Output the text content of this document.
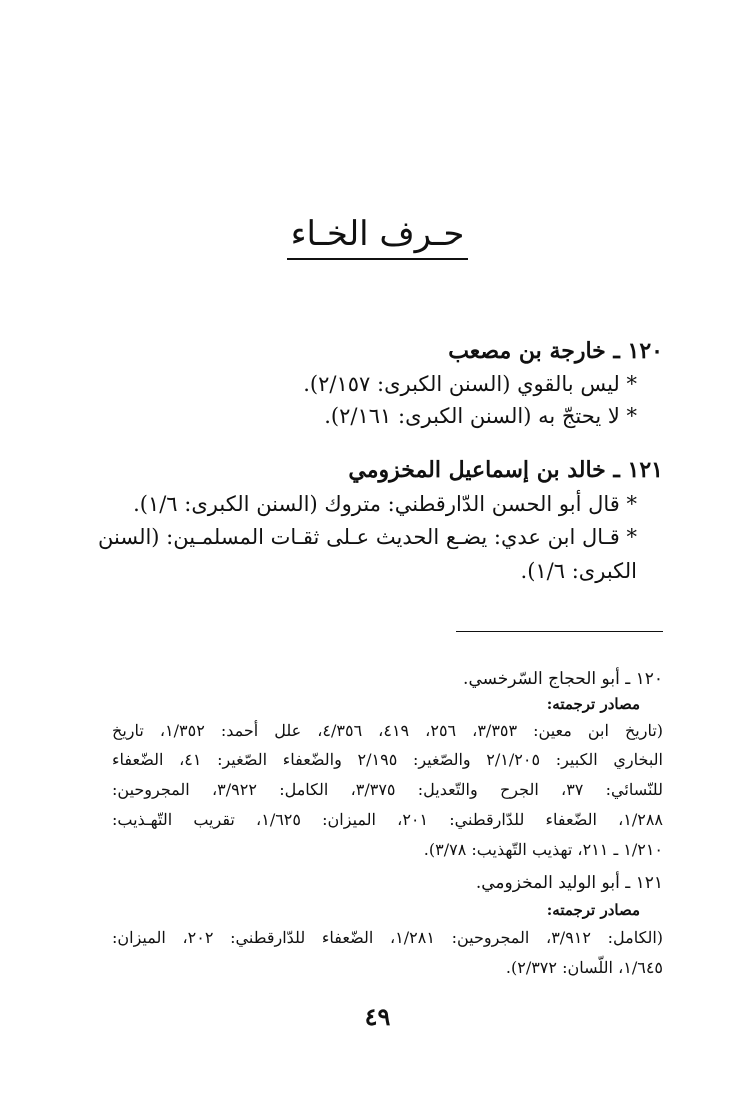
حـرف الخـاء
١٢٠ ـ خارجة بن مصعب
* ليس بالقوي (السنن الكبرى: ٢/١٥٧).
* لا يحتجّ به (السنن الكبرى: ٢/١٦١).
١٢١ ـ خالد بن إسماعيل المخزومي
* قال أبو الحسن الدّارقطني: متروك (السنن الكبرى: ١/٦).
* قـال ابن عدي: يضـع الحديث عـلى ثقـات المسلمـين: (السنن
الكبرى: ١/٦).
١٢٠ ـ أبو الحجاج السّرخسي.
مصادر ترجمته:
(تاريخ ابن معين: ٣/٣٥٣، ٢٥٦، ٤١٩، ٤/٣٥٦، علل أحمد: ١/٣٥٢، تاريخ
البخاري الكبير: ٢/١/٢٠٥ والصّغير: ٢/١٩٥ والضّعفاء الصّغير: ٤١، الضّعفاء
للنّسائي: ٣٧، الجرح والتّعديل: ٣/٣٧٥، الكامل: ٣/٩٢٢، المجروحين:
١/٢٨٨، الضّعفاء للدّارقطني: ٢٠١، الميزان: ١/٦٢٥، تقريب التّهـذيب:
١/٢١٠ ـ ٢١١، تهذيب التّهذيب: ٣/٧٨).
١٢١ ـ أبو الوليد المخزومي.
مصادر ترجمته:
(الكامل: ٣/٩١٢، المجروحين: ١/٢٨١، الضّعفاء للدّارقطني: ٢٠٢، الميزان:
١/٦٤٥، اللّسان: ٢/٣٧٢).
٤٩
